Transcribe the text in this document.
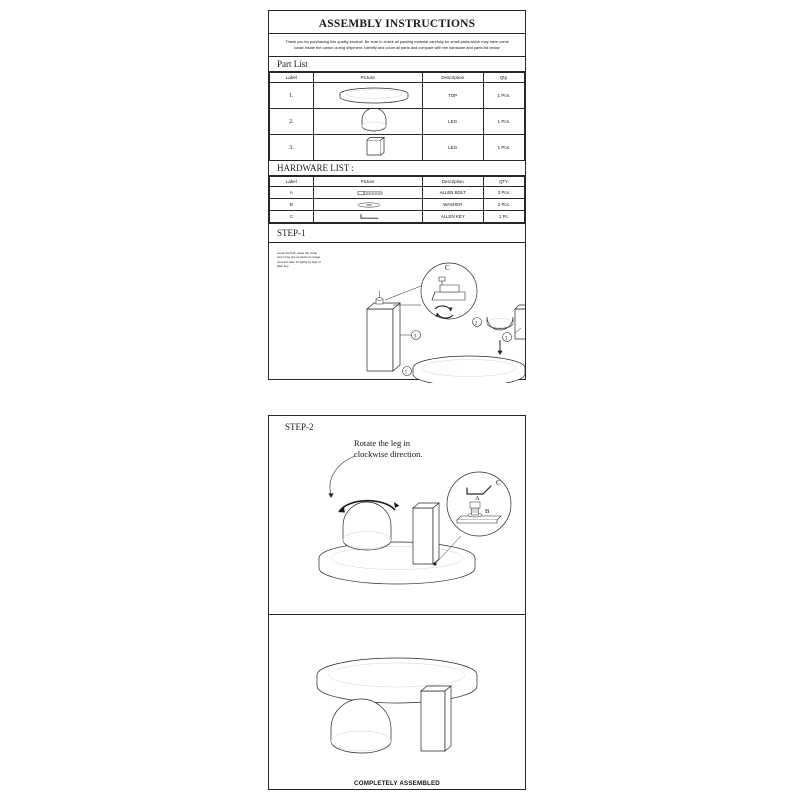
ASSEMBLY INSTRUCTIONS
Thank you for purchasing this quality product. Be sure to check all packing material carefully for small parts,which may have come loose inside the carton during shipment. Identify and count all parts and compare with the hardware and parts list below
Part List
Label	Picture	Description	Qty.
1.		TOP	1 Pcs.
2.		LEG	1 Pcs.
3.		LEG	1 Pcs.
HARDWARE LIST :
Label	Picture	Description	QTY.
A		ALLEN BOLT	2 Pcs.
B		WASHER	2 Pcs.
C		ALLEN KEY	1 Pc.
STEP-1
Loose the bolt, rotate the metal strip in leg slot as shown in image view and after To tightly by help of allen key.	C
3
2
3
1
STEP-2
Rotate the leg in clockwise direction.
C
A
B
COMPLETELY ASSEMBLED
